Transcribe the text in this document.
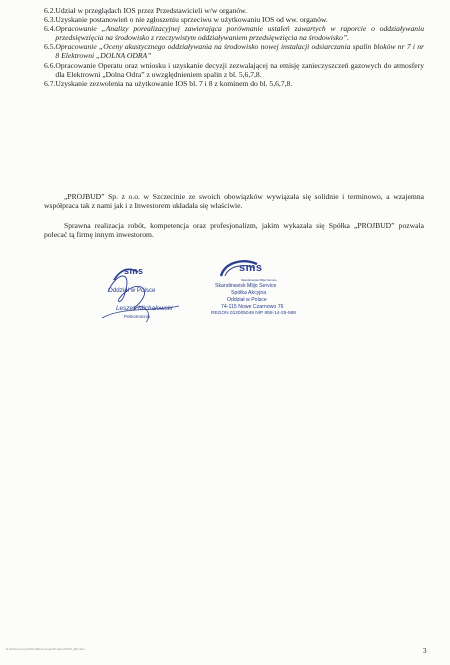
6.2. Udział w przeglądach IOS przez Przedstawicieli w/w organów.
6.3. Uzyskanie postanowień o nie zgłoszeniu sprzeciwu w użytkowaniu IOS od ww. organów.
6.4. Opracowanie „Analizy porealizacyjnej zawierająca porównanie ustaleń zawartych w raporcie o oddziaływaniu przedsięwzięcia na środowisko z rzeczywistym oddziaływaniem przedsięwzięcia na środowisko”.
6.5. Opracowanie „Oceny akustycznego oddziaływania na środowisko nowej instalacji odsiarczania spalin bloków nr 7 i nr 8 Elektrowni „DOLNA ODRA”
6.6. Opracowanie Operatu oraz wniosku i uzyskanie decyzji zezwalającej na emisję zanieczyszczeń gazowych do atmosfery dla Elektrowni „Dolna Odra” z uwzględnieniem spalin z bl. 5,6,7,8.
6.7. Uzyskanie zezwolenia na użytkowanie IOS bl. 7 i 8 z kominem do bl. 5,6,7,8.

„PROJBUD” Sp. z o.o. w Szczecinie ze swoich obowiązków wywiązała się solidnie i terminowo, a wzajemna współpraca tak z nami jak i z Inwestorem układała się właściwie.

Sprawna realizacja robót, kompetencja oraz profesjonalizm, jakim wykazała się Spółka „PROJBUD” pozwala polecać tą firmę innym inwestorom.

sms
Oddział w Polsce
Leszek Michałowski
Pełnomocnik
sms
Skandinavisk Miljø Service
Skandinavisk Miljo Service
Spółka Akcyjna
Oddział w Polsce
74-115 Nowe Czarnowo 76
REGON 012005049 NIP 858-14-25-588
E:\Dokumenty\2014\ReferencjeProjbud\IOS_DO.doc	3
